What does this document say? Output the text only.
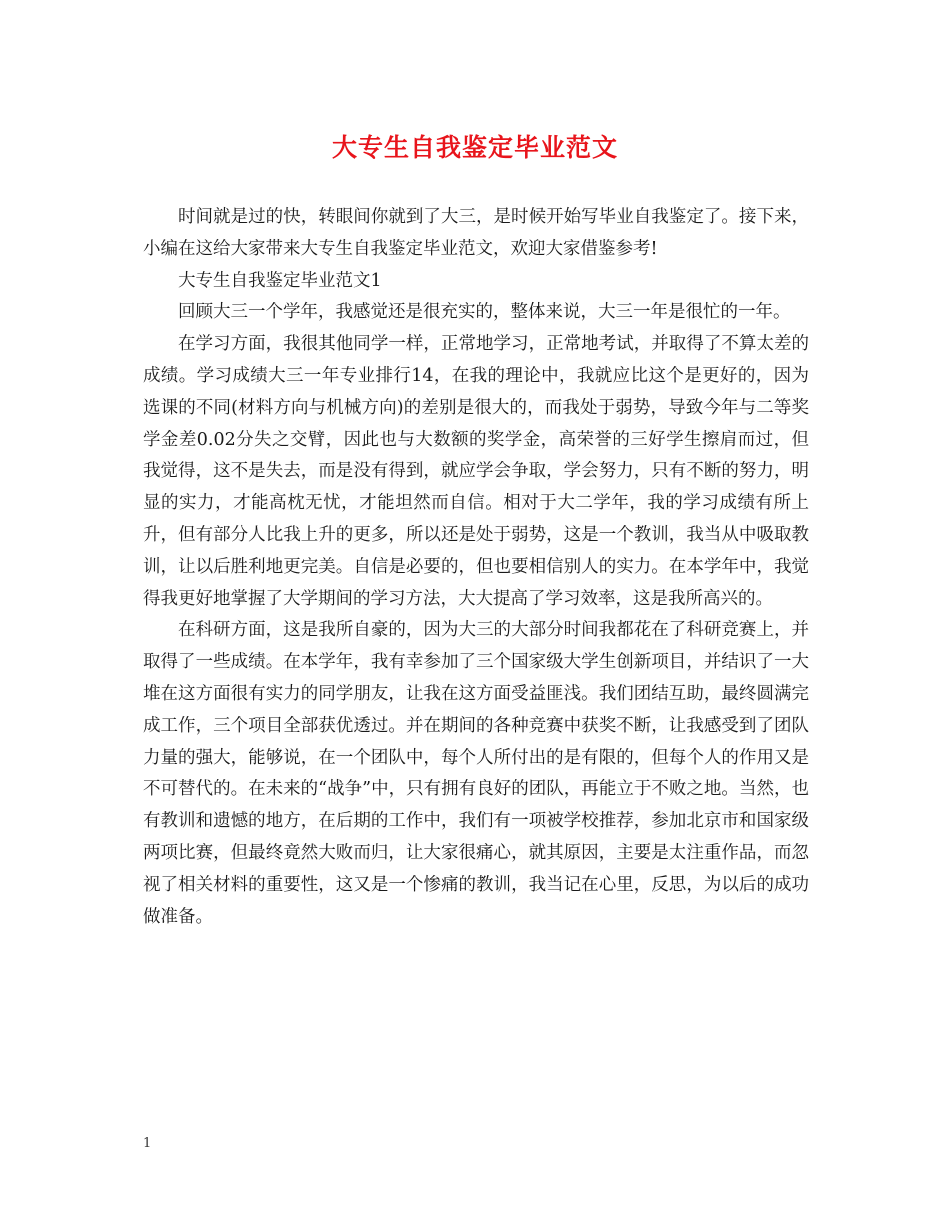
大专生自我鉴定毕业范文

时间就是过的快，转眼间你就到了大三，是时候开始写毕业自我鉴定了。接下来，小编在这给大家带来大专生自我鉴定毕业范文，欢迎大家借鉴参考!

大专生自我鉴定毕业范文1

回顾大三一个学年，我感觉还是很充实的，整体来说，大三一年是很忙的一年。

在学习方面，我很其他同学一样，正常地学习，正常地考试，并取得了不算太差的成绩。学习成绩大三一年专业排行14，在我的理论中，我就应比这个是更好的，因为选课的不同(材料方向与机械方向)的差别是很大的，而我处于弱势，导致今年与二等奖学金差0.02分失之交臂，因此也与大数额的奖学金，高荣誉的三好学生擦肩而过，但我觉得，这不是失去，而是没有得到，就应学会争取，学会努力，只有不断的努力，明显的实力，才能高枕无忧，才能坦然而自信。相对于大二学年，我的学习成绩有所上升，但有部分人比我上升的更多，所以还是处于弱势，这是一个教训，我当从中吸取教训，让以后胜利地更完美。自信是必要的，但也要相信别人的实力。在本学年中，我觉得我更好地掌握了大学期间的学习方法，大大提高了学习效率，这是我所高兴的。

在科研方面，这是我所自豪的，因为大三的大部分时间我都花在了科研竞赛上，并取得了一些成绩。在本学年，我有幸参加了三个国家级大学生创新项目，并结识了一大堆在这方面很有实力的同学朋友，让我在这方面受益匪浅。我们团结互助，最终圆满完成工作，三个项目全部获优透过。并在期间的各种竞赛中获奖不断，让我感受到了团队力量的强大，能够说，在一个团队中，每个人所付出的是有限的，但每个人的作用又是不可替代的。在未来的“战争”中，只有拥有良好的团队，再能立于不败之地。当然，也有教训和遗憾的地方，在后期的工作中，我们有一项被学校推荐，参加北京市和国家级两项比赛，但最终竟然大败而归，让大家很痛心，就其原因，主要是太注重作品，而忽视了相关材料的重要性，这又是一个惨痛的教训，我当记在心里，反思，为以后的成功做准备。

1
